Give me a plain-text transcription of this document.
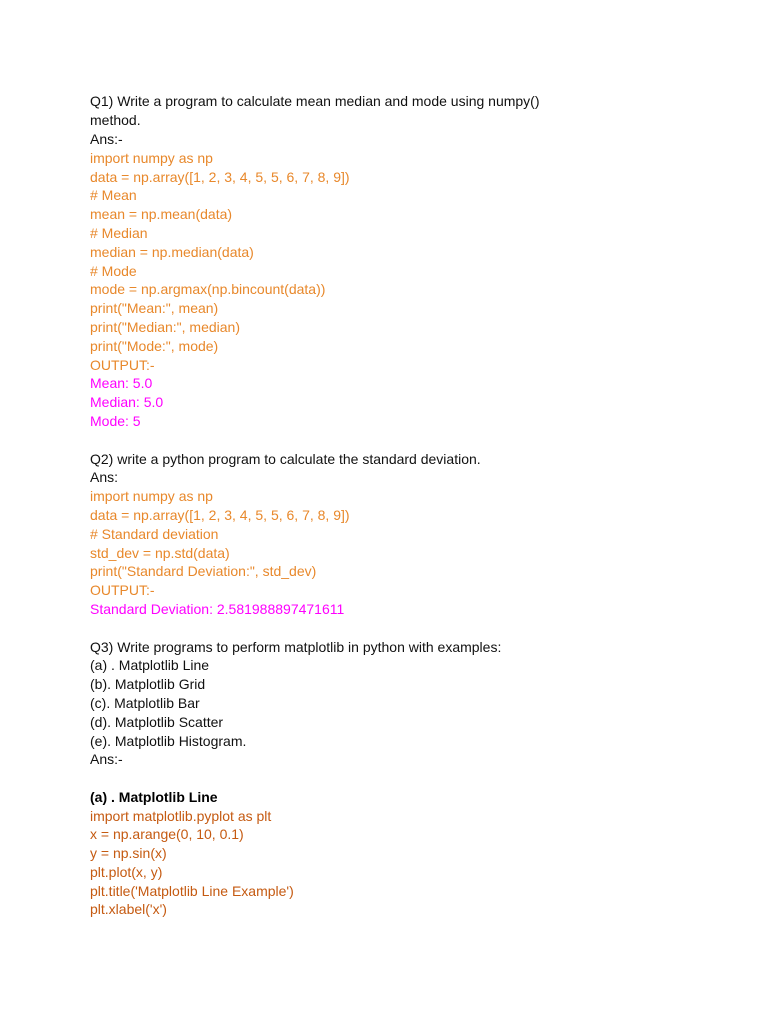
Q1) Write a program to calculate mean median and mode using numpy()
method.
Ans:-
import numpy as np
data = np.array([1, 2, 3, 4, 5, 5, 6, 7, 8, 9])
# Mean
mean = np.mean(data)
# Median
median = np.median(data)
# Mode
mode = np.argmax(np.bincount(data))
print("Mean:", mean)
print("Median:", median)
print("Mode:", mode)
OUTPUT:-
Mean: 5.0
Median: 5.0
Mode: 5
Q2) write a python program to calculate the standard deviation.
Ans:
import numpy as np
data = np.array([1, 2, 3, 4, 5, 5, 6, 7, 8, 9])
# Standard deviation
std_dev = np.std(data)
print("Standard Deviation:", std_dev)
OUTPUT:-
Standard Deviation: 2.581988897471611
Q3) Write programs to perform matplotlib in python with examples:
(a) . Matplotlib Line
(b). Matplotlib Grid
(c). Matplotlib Bar
(d). Matplotlib Scatter
(e). Matplotlib Histogram.
Ans:-
(a) . Matplotlib Line
import matplotlib.pyplot as plt
x = np.arange(0, 10, 0.1)
y = np.sin(x)
plt.plot(x, y)
plt.title('Matplotlib Line Example')
plt.xlabel('x')
